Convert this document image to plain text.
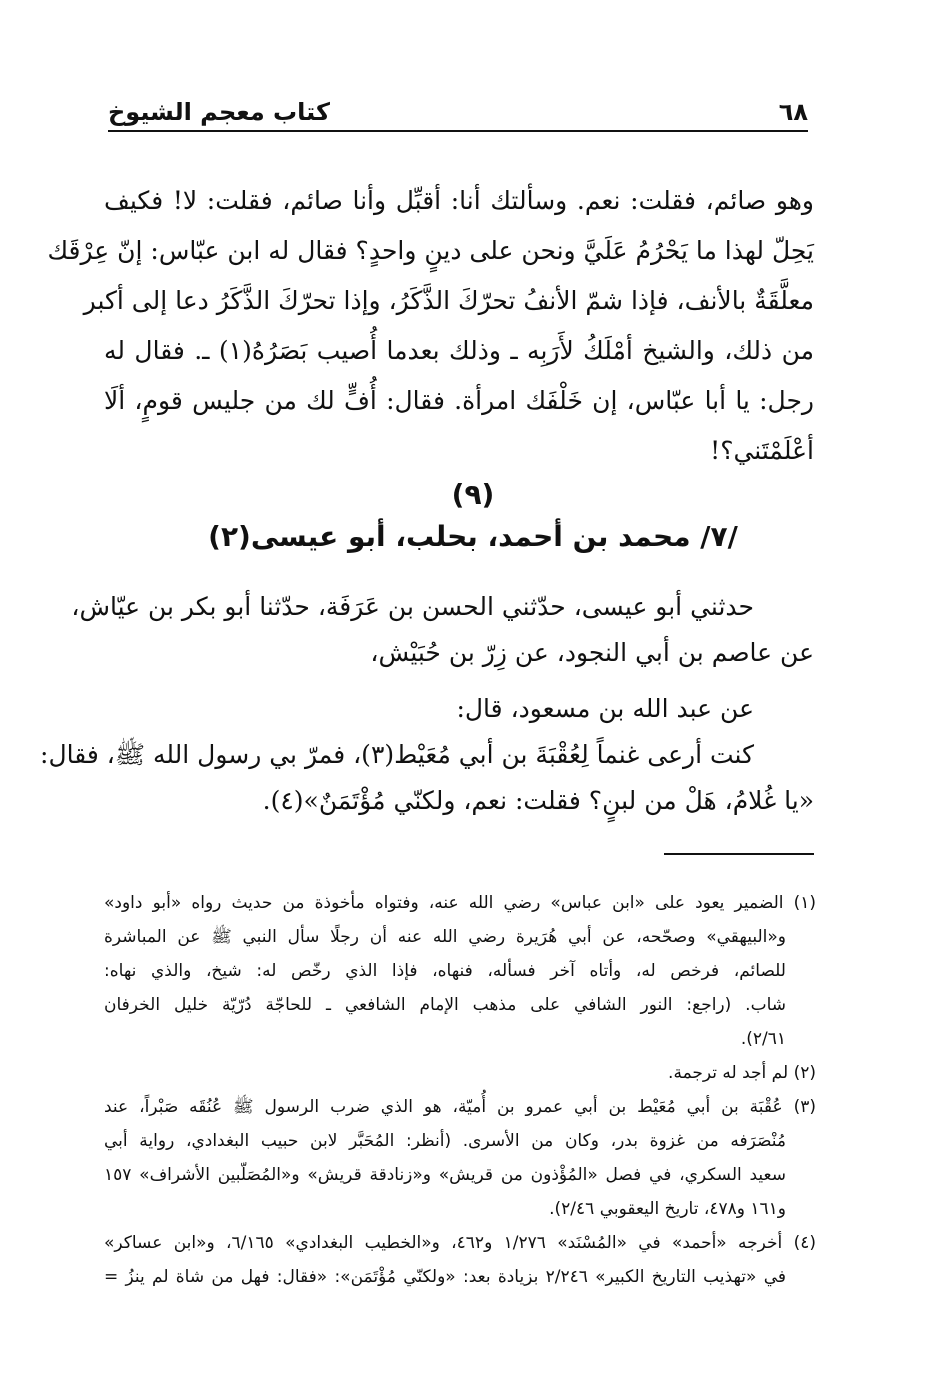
٦٨
كتاب معجم الشيوخ
وهو صائم، فقلت: نعم. وسألتك أنا: أقبِّل وأنا صائم، فقلت: لا! فكيف
يَحِلّ لهذا ما يَحْرُمُ عَلَيَّ ونحن على دينٍ واحدٍ؟ فقال له ابن عبّاس: إنّ عِرْقَك
معلَّقَةٌ بالأنف، فإذا شمّ الأنفُ تحرّكَ الذَّكَرُ، وإذا تحرّكَ الذَّكَرُ دعا إلى أكبر
من ذلك، والشيخ أمْلَكُ لأَرَبِه ـ وذلك بعدما أُصيب بَصَرُهُ(١) ـ. فقال له
رجل: يا أبا عبّاس، إن خَلْفَك امرأة. فقال: أُفٍّ لك من جليس قومٍ، ألَا
أعْلَمْتَني؟!
(٩)
/٧/ محمد بن أحمد، بحلب، أبو عيسى(٢)
حدثني أبو عيسى، حدّثني الحسن بن عَرَفَة، حدّثنا أبو بكر بن عيّاش،
عن عاصم بن أبي النجود، عن زِرّ بن حُبَيْش،
عن عبد الله بن مسعود، قال:
كنت أرعى غنماً لِعُقْبَةَ بن أبي مُعَيْط(٣)، فمرّ بي رسول الله ﷺ، فقال:
«يا غُلامُ، هَلْ من لبنٍ؟ فقلت: نعم، ولكنّي مُؤْتَمَنٌ»(٤).
(١) الضمير يعود على «ابن عباس» رضي الله عنه، وفتواه مأخوذة من حديث رواه «أبو داود»
و«البيهقي» وصحّحه، عن أبي هُرَيرة رضي الله عنه أن رجلًا سأل النبي ﷺ عن المباشرة
للصائم، فرخص له، وأتاه آخر فسأله، فنهاه، فإذا الذي رخّص له: شيخ، والذي نهاه:
شاب. (راجع: النور الشافي على مذهب الإمام الشافعي ـ للحاجّة دُرّيّة خليل الخرفان
٢/٦١).
(٢) لم أجد له ترجمة.
(٣) عُقْبَة بن أبي مُعَيْط بن أبي عمرو بن أُميّة، هو الذي ضرب الرسول ﷺ عُنُقَه صَبْراً، عند
مُنْصَرَفه من غزوة بدر، وكان من الأسرى. (أنظر: المُحَبَّر لابن حبيب البغدادي، رواية أبي
سعيد السكري، في فصل «المُؤْذون من قريش» و«زنادقة قريش» و«المُصَلّبين الأشراف» ١٥٧
و١٦١ و٤٧٨، تاريخ اليعقوبي ٢/٤٦).
(٤) أخرجه «أحمد» في «المُسْنَد» ١/٢٧٦ و٤٦٢، و«الخطيب البغدادي» ٦/١٦٥، و«ابن عساكر»
في «تهذيب التاريخ الكبير» ٢/٢٤٦ بزيادة بعد: «ولكنّي مُؤْتَمَن»: «فقال: فهل من شاة لم ينزُ =
